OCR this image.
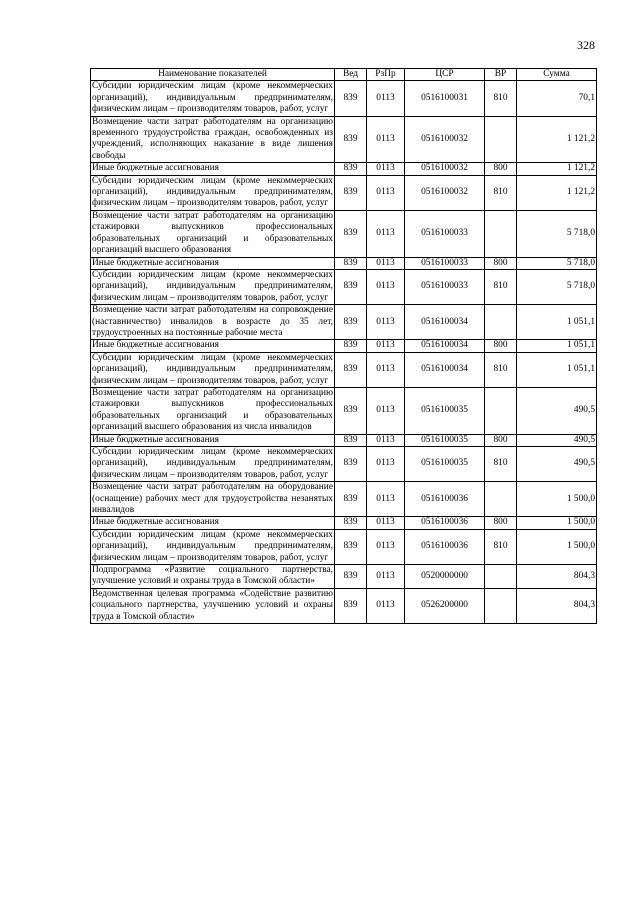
328
Наименование показателей	Вед	РзПр	ЦСР	ВР	Сумма
Субсидии юридическим лицам (кроме некоммерческих организаций), индивидуальным предпринимателям, физическим лицам – производителям товаров, работ, услуг	839	0113	0516100031	810	70,1
Возмещение части затрат работодателям на организацию временного трудоустройства граждан, освобожденных из учреждений, исполняющих наказание в виде лишения свободы	839	0113	0516100032		1 121,2
Иные бюджетные ассигнования	839	0113	0516100032	800	1 121,2
Субсидии юридическим лицам (кроме некоммерческих организаций), индивидуальным предпринимателям, физическим лицам – производителям товаров, работ, услуг	839	0113	0516100032	810	1 121,2
Возмещение части затрат работодателям на организацию стажировки выпускников профессиональных образовательных организаций и образовательных организаций высшего образования	839	0113	0516100033		5 718,0
Иные бюджетные ассигнования	839	0113	0516100033	800	5 718,0
Субсидии юридическим лицам (кроме некоммерческих организаций), индивидуальным предпринимателям, физическим лицам – производителям товаров, работ, услуг	839	0113	0516100033	810	5 718,0
Возмещение части затрат работодателям на сопровождение (наставничество) инвалидов в возрасте до 35 лет, трудоустроенных на постоянные рабочие места	839	0113	0516100034		1 051,1
Иные бюджетные ассигнования	839	0113	0516100034	800	1 051,1
Субсидии юридическим лицам (кроме некоммерческих организаций), индивидуальным предпринимателям, физическим лицам – производителям товаров, работ, услуг	839	0113	0516100034	810	1 051,1
Возмещение части затрат работодателям на организацию стажировки выпускников профессиональных образовательных организаций и образовательных организаций высшего образования из числа инвалидов	839	0113	0516100035		490,5
Иные бюджетные ассигнования	839	0113	0516100035	800	490,5
Субсидии юридическим лицам (кроме некоммерческих организаций), индивидуальным предпринимателям, физическим лицам – производителям товаров, работ, услуг	839	0113	0516100035	810	490,5
Возмещение части затрат работодателям на оборудование (оснащение) рабочих мест для трудоустройства незанятых инвалидов	839	0113	0516100036		1 500,0
Иные бюджетные ассигнования	839	0113	0516100036	800	1 500,0
Субсидии юридическим лицам (кроме некоммерческих организаций), индивидуальным предпринимателям, физическим лицам – производителям товаров, работ, услуг	839	0113	0516100036	810	1 500,0
Подпрограмма «Развитие социального партнерства, улучшение условий и охраны труда в Томской области»	839	0113	0520000000		804,3
Ведомственная целевая программа «Содействие развитию социального партнерства, улучшению условий и охраны труда в Томской области»	839	0113	0526200000		804,3
